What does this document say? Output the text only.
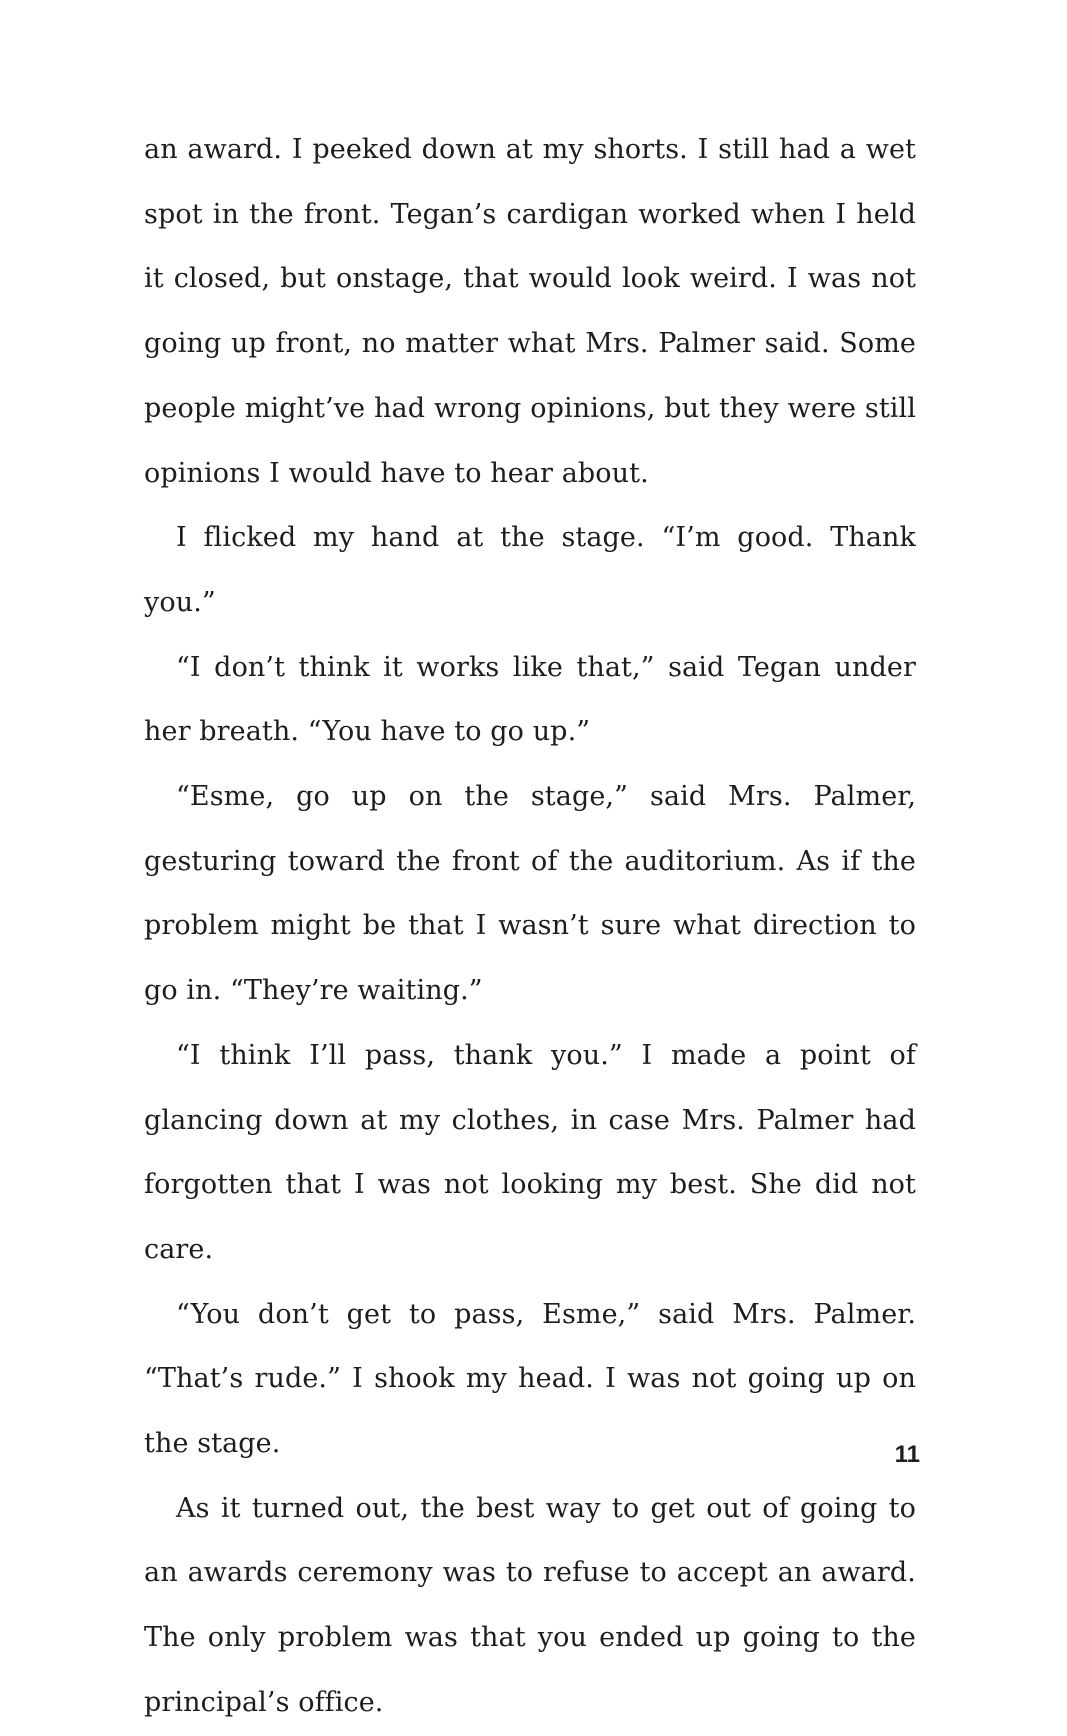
an award. I peeked down at my shorts. I still had a wet spot in the front. Tegan’s cardigan worked when I held it closed, but onstage, that would look weird. I was not going up front, no matter what Mrs. Palmer said. Some people might’ve had wrong opinions, but they were still opinions I would have to hear about.

I flicked my hand at the stage. “I’m good. Thank you.”

“I don’t think it works like that,” said Tegan under her breath. “You have to go up.”

“Esme, go up on the stage,” said Mrs. Palmer, gesturing toward the front of the auditorium. As if the problem might be that I wasn’t sure what direction to go in. “They’re waiting.”

“I think I’ll pass, thank you.” I made a point of glancing down at my clothes, in case Mrs. Palmer had forgotten that I was not looking my best. She did not care.

“You don’t get to pass, Esme,” said Mrs. Palmer. “That’s rude.” I shook my head. I was not going up on the stage.

As it turned out, the best way to get out of going to an awards ceremony was to refuse to accept an award. The only problem was that you ended up going to the principal’s office.

11
